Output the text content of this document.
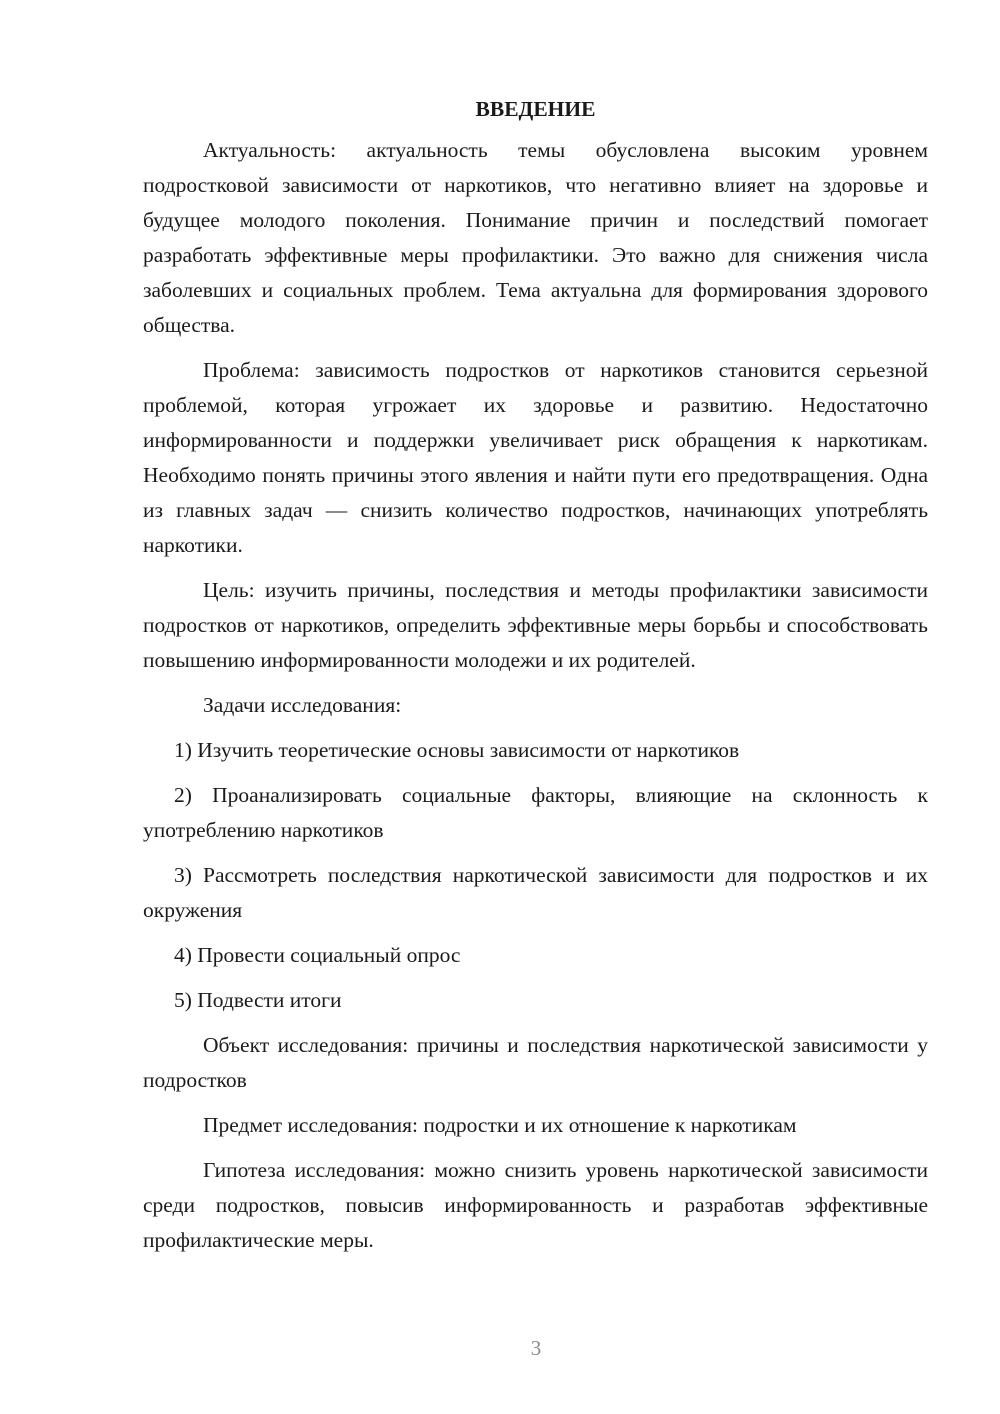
ВВЕДЕНИЕ

Актуальность: актуальность темы обусловлена высоким уровнем подростковой зависимости от наркотиков, что негативно влияет на здоровье и будущее молодого поколения. Понимание причин и последствий помогает разработать эффективные меры профилактики. Это важно для снижения числа заболевших и социальных проблем. Тема актуальна для формирования здорового общества.

Проблема: зависимость подростков от наркотиков становится серьезной проблемой, которая угрожает их здоровье и развитию. Недостаточно информированности и поддержки увеличивает риск обращения к наркотикам. Необходимо понять причины этого явления и найти пути его предотвращения. Одна из главных задач — снизить количество подростков, начинающих употреблять наркотики.

Цель: изучить причины, последствия и методы профилактики зависимости подростков от наркотиков, определить эффективные меры борьбы и способствовать повышению информированности молодежи и их родителей.

Задачи исследования:

1) Изучить теоретические основы зависимости от наркотиков

2) Проанализировать социальные факторы, влияющие на склонность к употреблению наркотиков

3) Рассмотреть последствия наркотической зависимости для подростков и их окружения

4) Провести социальный опрос

5) Подвести итоги

Объект исследования: причины и последствия наркотической зависимости у подростков

Предмет исследования: подростки и их отношение к наркотикам

Гипотеза исследования: можно снизить уровень наркотической зависимости среди подростков, повысив информированность и разработав эффективные профилактические меры.

3
